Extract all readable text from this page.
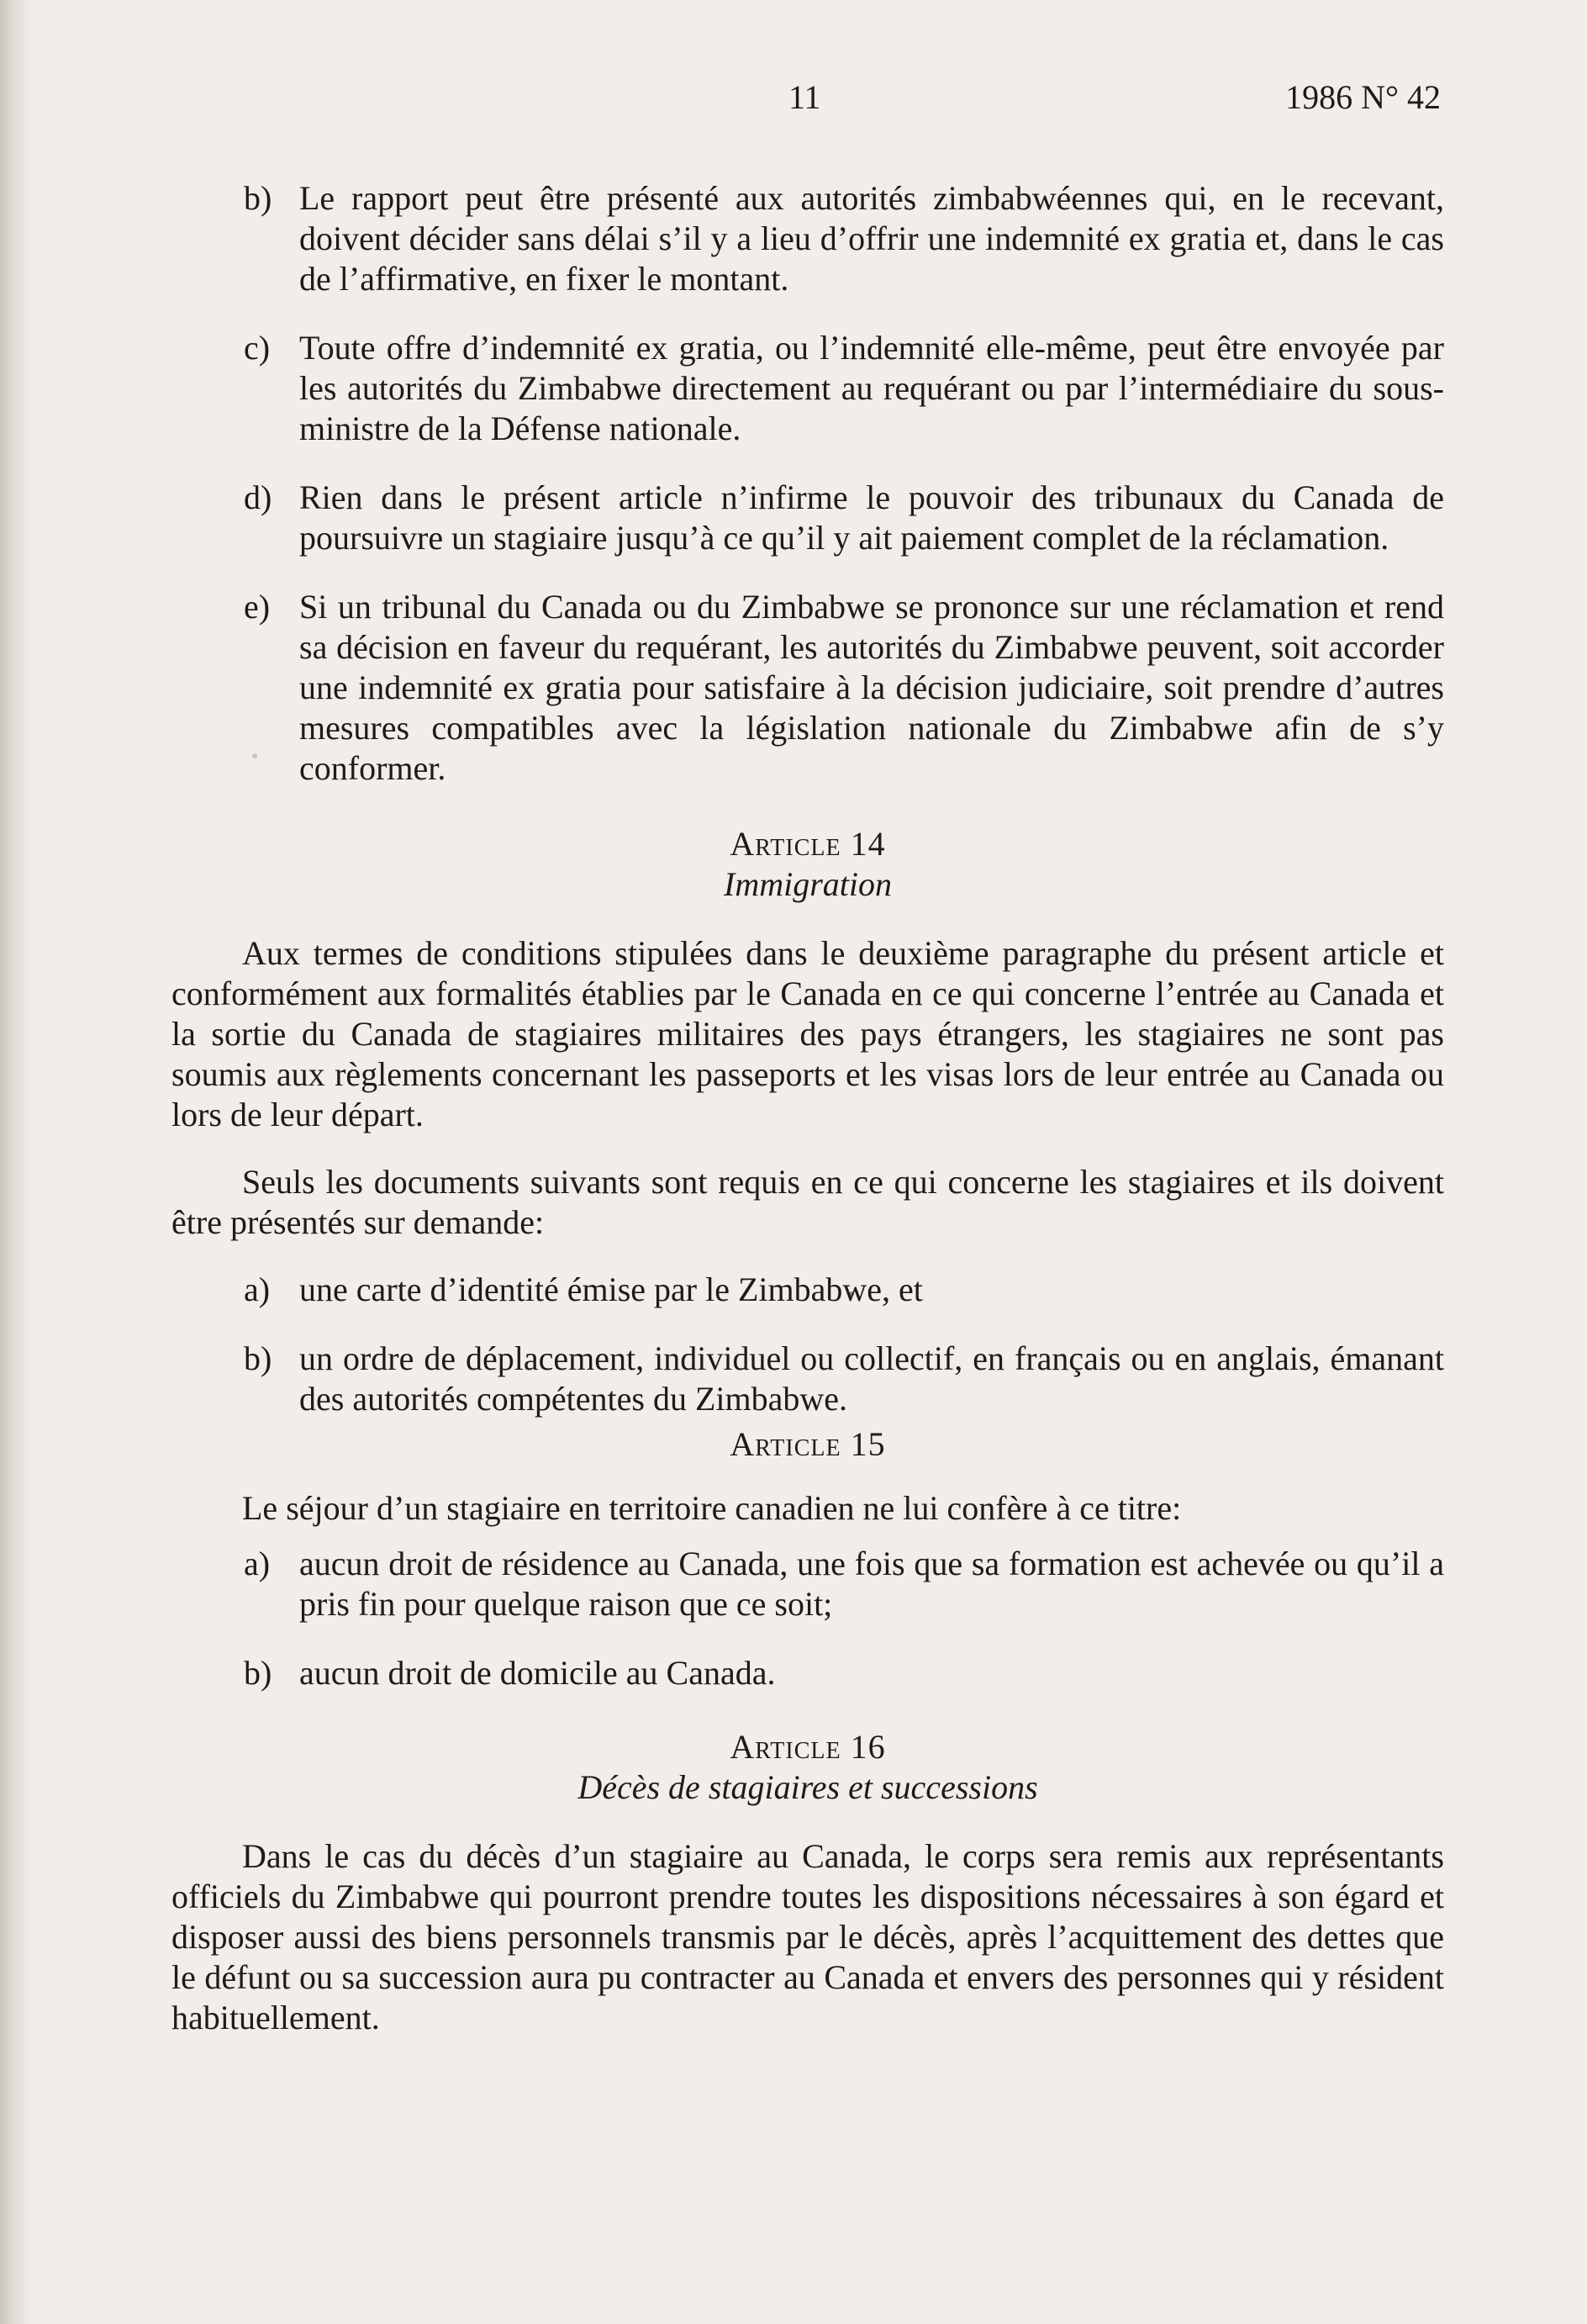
11	1986 N° 42
b) Le rapport peut être présenté aux autorités zimbabwéennes qui, en le recevant, doivent décider sans délai s’il y a lieu d’offrir une indemnité ex gratia et, dans le cas de l’affirmative, en fixer le montant.
c) Toute offre d’indemnité ex gratia, ou l’indemnité elle-même, peut être envoyée par les autorités du Zimbabwe directement au requérant ou par l’intermédiaire du sous-ministre de la Défense nationale.
d) Rien dans le présent article n’infirme le pouvoir des tribunaux du Canada de poursuivre un stagiaire jusqu’à ce qu’il y ait paiement complet de la réclamation.
e) Si un tribunal du Canada ou du Zimbabwe se prononce sur une réclamation et rend sa décision en faveur du requérant, les autorités du Zimbabwe peuvent, soit accorder une indemnité ex gratia pour satisfaire à la décision judiciaire, soit prendre d’autres mesures compatibles avec la législation nationale du Zimbabwe afin de s’y conformer.
Article 14
Immigration

Aux termes de conditions stipulées dans le deuxième paragraphe du présent article et conformément aux formalités établies par le Canada en ce qui concerne l’entrée au Canada et la sortie du Canada de stagiaires militaires des pays étrangers, les stagiaires ne sont pas soumis aux règlements concernant les passeports et les visas lors de leur entrée au Canada ou lors de leur départ.

Seuls les documents suivants sont requis en ce qui concerne les stagiaires et ils doivent être présentés sur demande:

a) une carte d’identité émise par le Zimbabwe, et
b) un ordre de déplacement, individuel ou collectif, en français ou en anglais, émanant des autorités compétentes du Zimbabwe.
Article 15

Le séjour d’un stagiaire en territoire canadien ne lui confère à ce titre:

a) aucun droit de résidence au Canada, une fois que sa formation est achevée ou qu’il a pris fin pour quelque raison que ce soit;
b) aucun droit de domicile au Canada.
Article 16
Décès de stagiaires et successions

Dans le cas du décès d’un stagiaire au Canada, le corps sera remis aux représentants officiels du Zimbabwe qui pourront prendre toutes les dispositions nécessaires à son égard et disposer aussi des biens personnels transmis par le décès, après l’acquittement des dettes que le défunt ou sa succession aura pu contracter au Canada et envers des personnes qui y résident habituellement.
